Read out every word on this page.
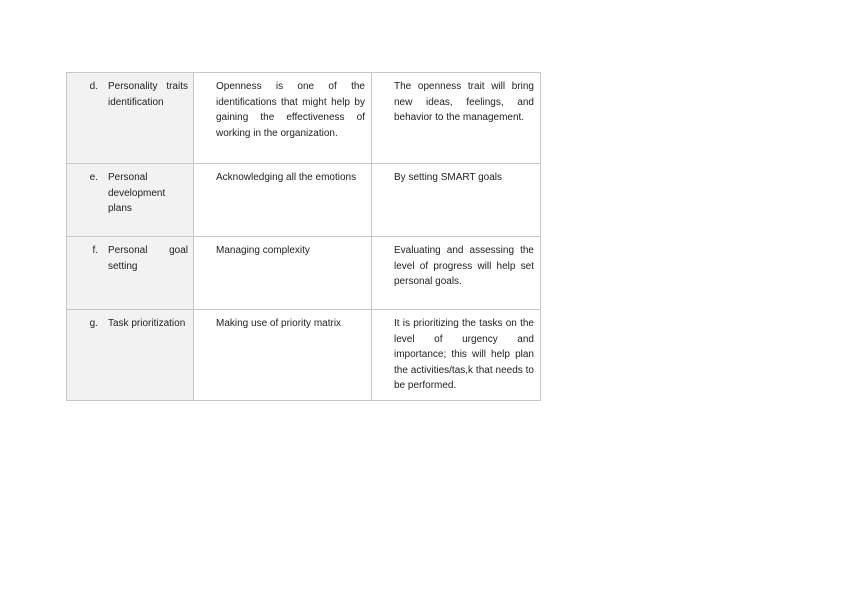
d. Personality traits identification	Openness is one of the identifications that might help by gaining the effectiveness of working in the organization.	The openness trait will bring new ideas, feelings, and behavior to the management.

e. Personal development plans	Acknowledging all the emotions	By setting SMART goals

f. Personal goal setting	Managing complexity	Evaluating and assessing the level of progress will help set personal goals.

g. Task prioritization	Making use of priority matrix	It is prioritizing the tasks on the level of urgency and importance; this will help plan the activities/tas,k that needs to be performed.
